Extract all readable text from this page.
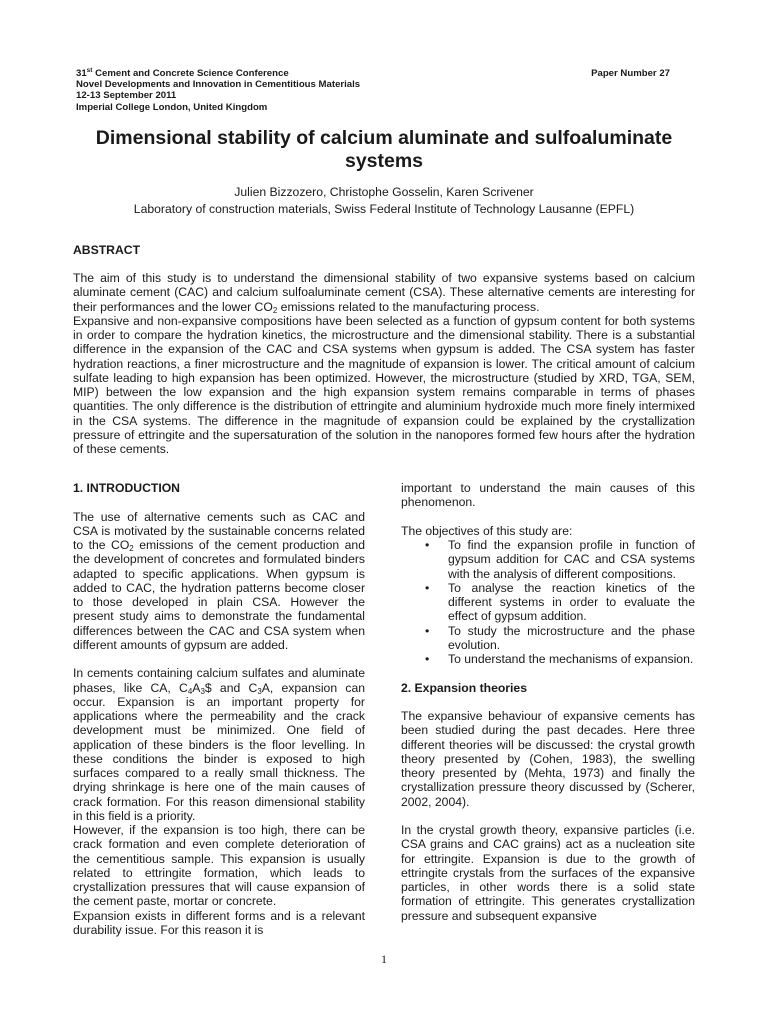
31st Cement and Concrete Science Conference
Novel Developments and Innovation in Cementitious Materials
12-13 September 2011
Imperial College London, United Kingdom
Paper Number 27
Dimensional stability of calcium aluminate and sulfoaluminate systems
Julien Bizzozero, Christophe Gosselin, Karen Scrivener
Laboratory of construction materials, Swiss Federal Institute of Technology Lausanne (EPFL)
ABSTRACT

The aim of this study is to understand the dimensional stability of two expansive systems based on calcium aluminate cement (CAC) and calcium sulfoaluminate cement (CSA). These alternative cements are interesting for their performances and the lower $CO_2$ emissions related to the manufacturing process.

Expansive and non-expansive compositions have been selected as a function of gypsum content for both systems in order to compare the hydration kinetics, the microstructure and the dimensional stability. There is a substantial difference in the expansion of the CAC and CSA systems when gypsum is added. The CSA system has faster hydration reactions, a finer microstructure and the magnitude of expansion is lower. The critical amount of calcium sulfate leading to high expansion has been optimized. However, the microstructure (studied by XRD, TGA, SEM, MIP) between the low expansion and the high expansion system remains comparable in terms of phases quantities. The only difference is the distribution of ettringite and aluminium hydroxide much more finely intermixed in the CSA systems. The difference in the magnitude of expansion could be explained by the crystallization pressure of ettringite and the supersaturation of the solution in the nanopores formed few hours after the hydration of these cements.

1. INTRODUCTION

The use of alternative cements such as CAC and CSA is motivated by the sustainable concerns related to the $CO_2$ emissions of the cement production and the development of concretes and formulated binders adapted to specific applications. When gypsum is added to CAC, the hydration patterns become closer to those developed in plain CSA. However the present study aims to demonstrate the fundamental differences between the CAC and CSA system when different amounts of gypsum are added.

In cements containing calcium sulfates and aluminate phases, like CA, $C_4A_3\$$ and $C_3A$, expansion can occur. Expansion is an important property for applications where the permeability and the crack development must be minimized. One field of application of these binders is the floor levelling. In these conditions the binder is exposed to high surfaces compared to a really small thickness. The drying shrinkage is here one of the main causes of crack formation. For this reason dimensional stability in this field is a priority.

However, if the expansion is too high, there can be crack formation and even complete deterioration of the cementitious sample. This expansion is usually related to ettringite formation, which leads to crystallization pressures that will cause expansion of the cement paste, mortar or concrete.

Expansion exists in different forms and is a relevant durability issue. For this reason it is

important to understand the main causes of this phenomenon.

The objectives of this study are:

• To find the expansion profile in function of gypsum addition for CAC and CSA systems with the analysis of different compositions.
• To analyse the reaction kinetics of the different systems in order to evaluate the effect of gypsum addition.
• To study the microstructure and the phase evolution.
• To understand the mechanisms of expansion.

2. Expansion theories

The expansive behaviour of expansive cements has been studied during the past decades. Here three different theories will be discussed: the crystal growth theory presented by (Cohen, 1983), the swelling theory presented by (Mehta, 1973) and finally the crystallization pressure theory discussed by (Scherer, 2002, 2004).

In the crystal growth theory, expansive particles (i.e. CSA grains and CAC grains) act as a nucleation site for ettringite. Expansion is due to the growth of ettringite crystals from the surfaces of the expansive particles, in other words there is a solid state formation of ettringite. This generates crystallization pressure and subsequent expansive

1
